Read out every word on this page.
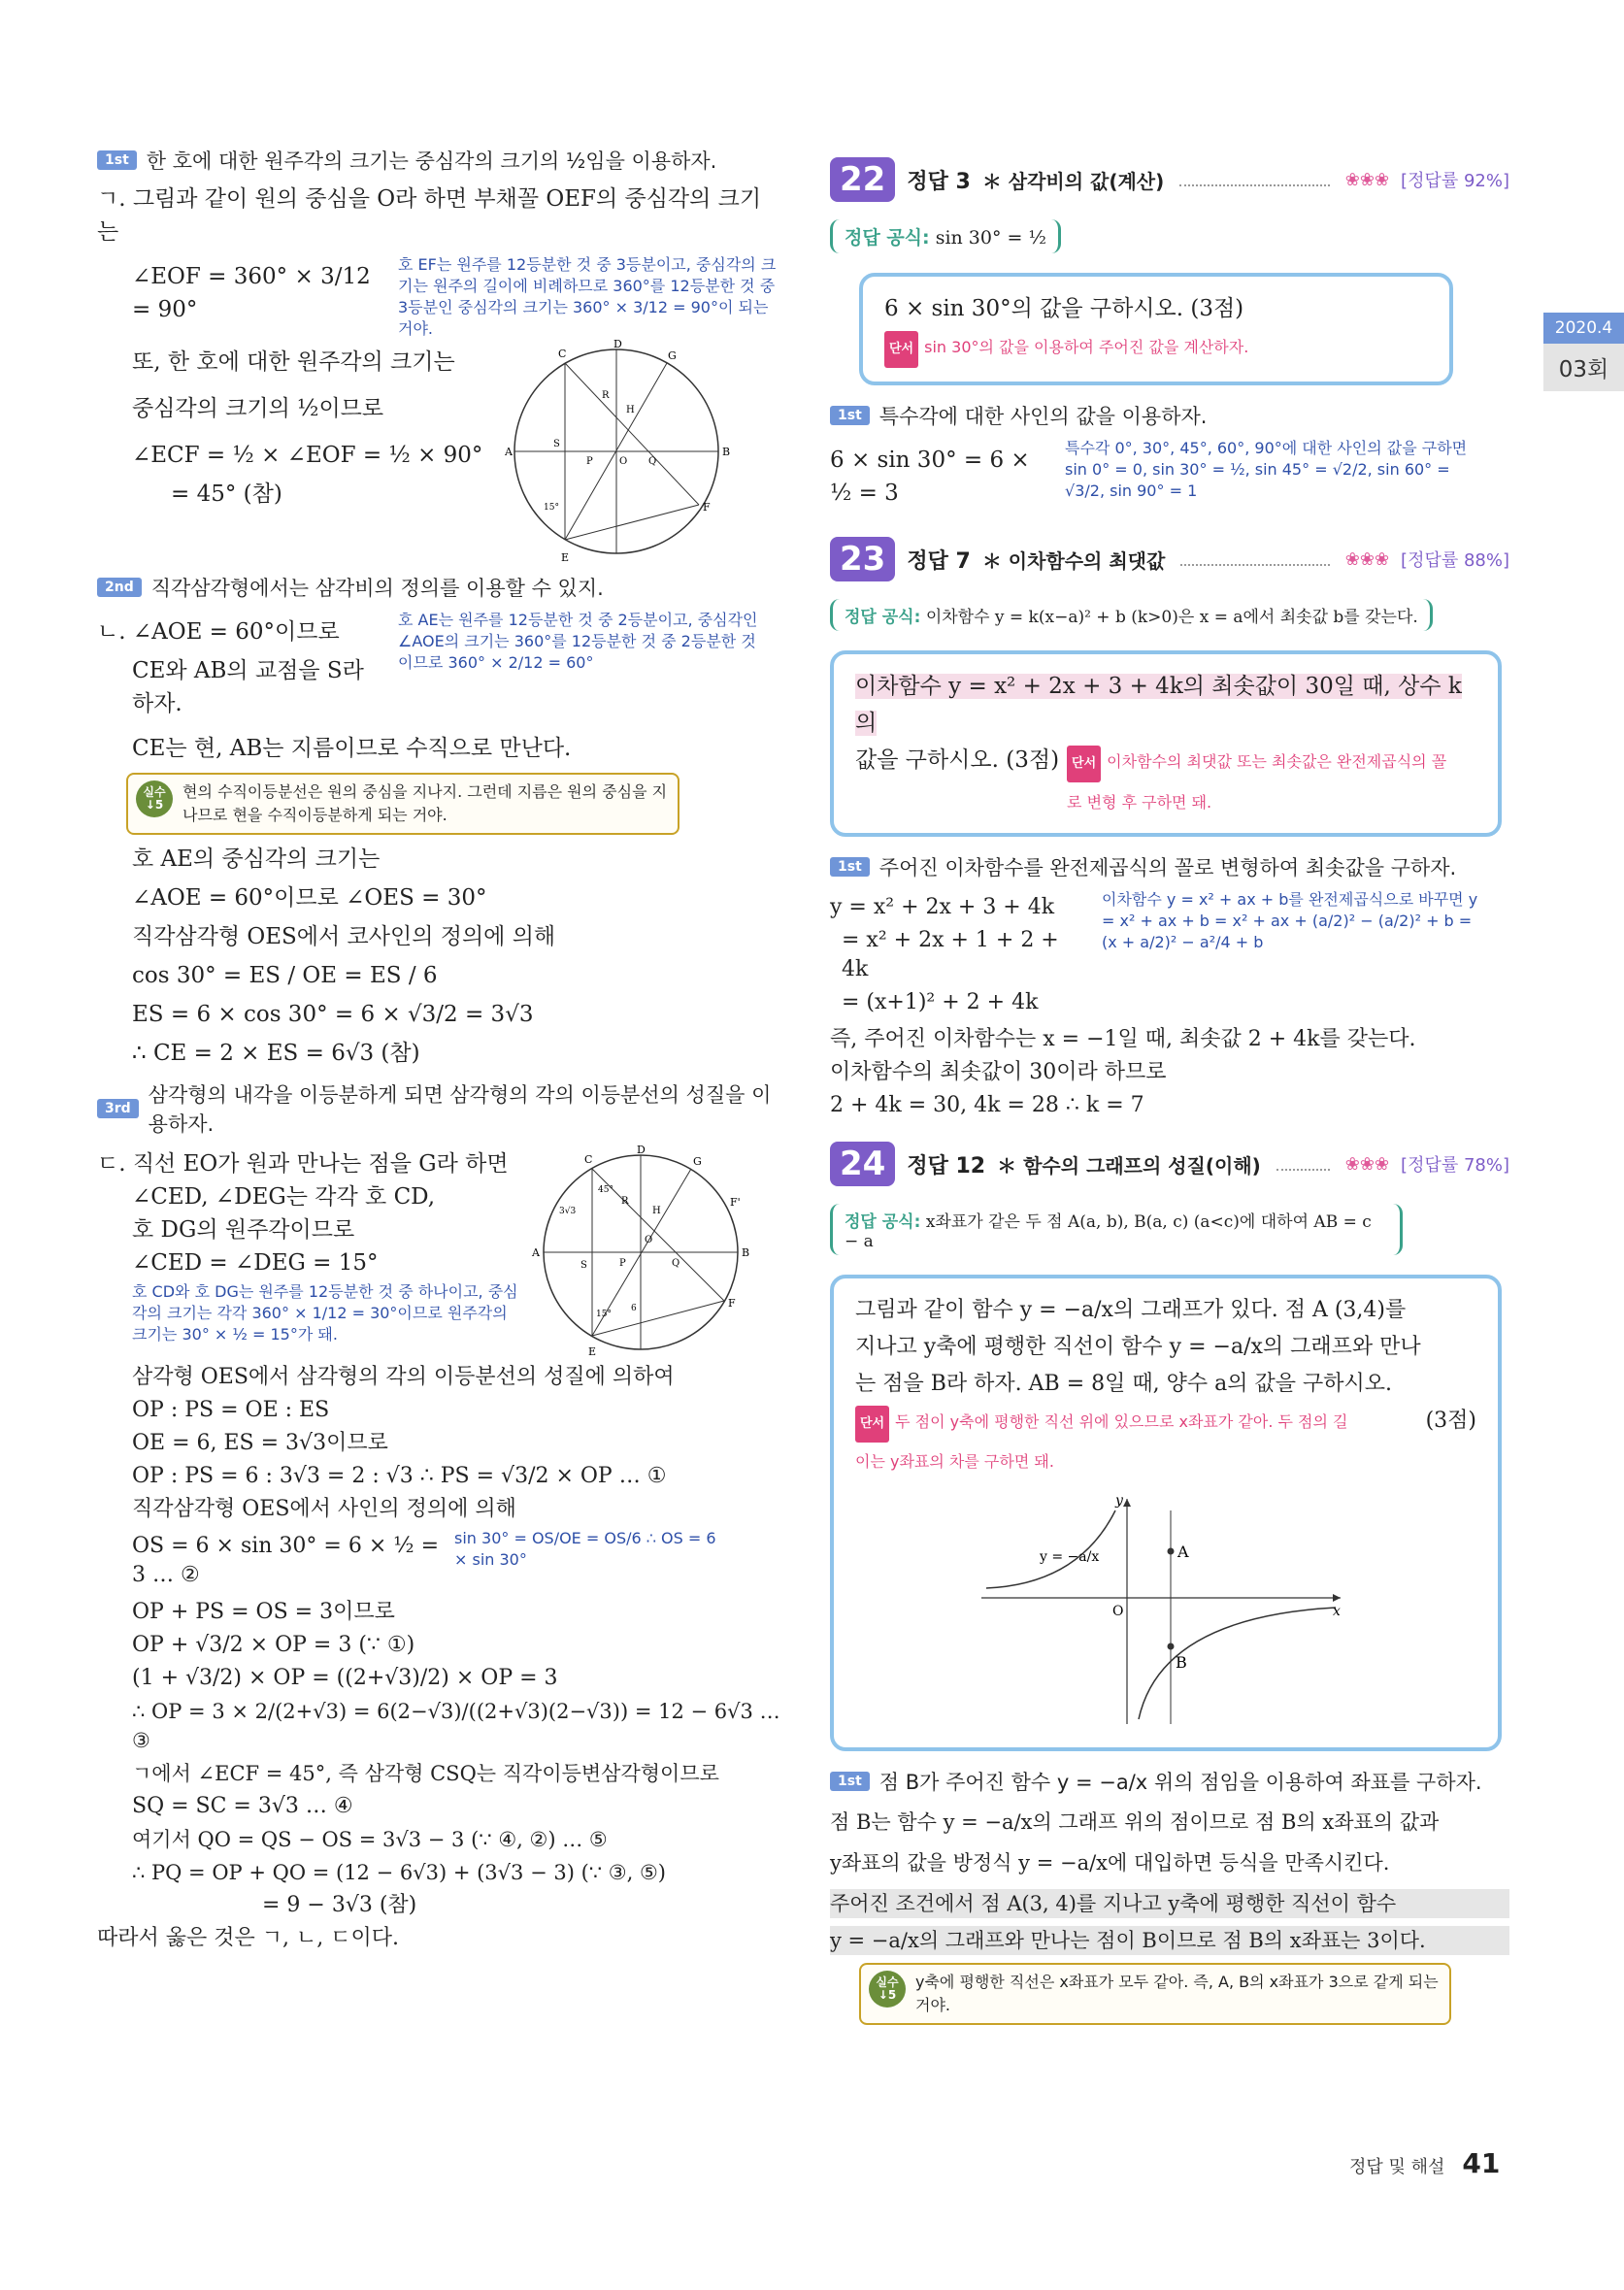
2020.4
03회
1st 한 호에 대한 원주각의 크기는 중심각의 크기의 ½임을 이용하자.
ㄱ. 그림과 같이 원의 중심을 O라 하면 부채꼴 OEF의 중심각의 크기는
∠EOF = 360° × 3/12 = 90°
호 EF는 원주를 12등분한 것 중 3등분이고, 중심각의 크기는 원주의 길이에 비례하므로 360°를 12등분한 것 중 3등분인 중심각의 크기는 360° × 3/12 = 90°이 되는 거야.
또, 한 호에 대한 원주각의 크기는
중심각의 크기의 ½이므로
∠ECF = ½ × ∠EOF = ½ × 90°
= 45° (참)
C
D
G
A	B
E
F
O
P	Q
R
S
H
15°
2nd 직각삼각형에서는 삼각비의 정의를 이용할 수 있지.
ㄴ. ∠AOE = 60°이므로
CE와 AB의 교점을 S라 하자.
호 AE는 원주를 12등분한 것 중 2등분이고, 중심각인 ∠AOE의 크기는 360°를 12등분한 것 중 2등분한 것 이므로 360° × 2/12 = 60°
CE는 현, AB는 지름이므로 수직으로 만난다.
실수 ↓5
현의 수직이등분선은 원의 중심을 지나지. 그런데 지름은 원의 중심을 지나므로 현을 수직이등분하게 되는 거야.
호 AE의 중심각의 크기는
∠AOE = 60°이므로 ∠OES = 30°
직각삼각형 OES에서 코사인의 정의에 의해
cos 30° = ES / OE = ES / 6
ES = 6 × cos 30° = 6 × √3/2 = 3√3
∴ CE = 2 × ES = 6√3 (참)
3rd
삼각형의 내각을 이등분하게 되면 삼각형의 각의 이등분선의 성질을 이용하자.
ㄷ. 직선 EO가 원과 만나는 점을 G라 하면
∠CED, ∠DEG는 각각 호 CD,
호 DG의 원주각이므로
∠CED = ∠DEG = 15°
호 CD와 호 DG는 원주를 12등분한 것 중 하나이고, 중심각의 크기는 각각 360° × 1/12 = 30°이므로 원주각의 크기는 30° × ½ = 15°가 돼.
C
D
G
A	B
E
F
F'
O
P	Q
R
S
H
45°
15°
3√3
6
삼각형 OES에서 삼각형의 각의 이등분선의 성질에 의하여
OP : PS = OE : ES
OE = 6, ES = 3√3이므로
OP : PS = 6 : 3√3 = 2 : √3 ∴ PS = √3/2 × OP … ①
직각삼각형 OES에서 사인의 정의에 의해
OS = 6 × sin 30° = 6 × ½ = 3 … ②
sin 30° = OS/OE = OS/6 ∴ OS = 6 × sin 30°
OP + PS = OS = 3이므로
OP + √3/2 × OP = 3 (∵ ①)
(1 + √3/2) × OP = ((2+√3)/2) × OP = 3
∴ OP = 3 × 2/(2+√3) = 6(2−√3)/((2+√3)(2−√3)) = 12 − 6√3 … ③
ㄱ에서 ∠ECF = 45°, 즉 삼각형 CSQ는 직각이등변삼각형이므로
SQ = SC = 3√3 … ④
여기서 QO = QS − OS = 3√3 − 3 (∵ ④, ②) … ⑤
∴ PQ = OP + QO = (12 − 6√3) + (3√3 − 3) (∵ ③, ⑤)
= 9 − 3√3 (참)
따라서 옳은 것은 ㄱ, ㄴ, ㄷ이다.
22	정답 3 ＊ 삼각비의 값(계산)	❀❀❀ [정답률 92%]
정답 공식: sin 30° = ½
6 × sin 30°의 값을 구하시오. (3점)
단서 sin 30°의 값을 이용하여 주어진 값을 계산하자.
1st 특수각에 대한 사인의 값을 이용하자.
6 × sin 30° = 6 × ½ = 3
특수각 0°, 30°, 45°, 60°, 90°에 대한 사인의 값을 구하면 sin 0° = 0, sin 30° = ½, sin 45° = √2/2, sin 60° = √3/2, sin 90° = 1
23	정답 7 ＊ 이차함수의 최댓값	❀❀❀ [정답률 88%]
정답 공식: 이차함수 y = k(x−a)² + b (k>0)은 x = a에서 최솟값 b를 갖는다.
이차함수 y = x² + 2x + 3 + 4k의 최솟값이 30일 때, 상수 k의
값을 구하시오. (3점)	단서 이차함수의 최댓값 또는 최솟값은 완전제곱식의 꼴로 변형 후 구하면 돼.
1st 주어진 이차함수를 완전제곱식의 꼴로 변형하여 최솟값을 구하자.
y = x² + 2x + 3 + 4k
= x² + 2x + 1 + 2 + 4k
= (x+1)² + 2 + 4k
이차함수 y = x² + ax + b를 완전제곱식으로 바꾸면 y = x² + ax + b = x² + ax + (a/2)² − (a/2)² + b = (x + a/2)² − a²/4 + b
즉, 주어진 이차함수는 x = −1일 때, 최솟값 2 + 4k를 갖는다.
이차함수의 최솟값이 30이라 하므로
2 + 4k = 30, 4k = 28 ∴ k = 7
24	정답 12 ＊ 함수의 그래프의 성질(이해)	❀❀❀ [정답률 78%]
정답 공식: x좌표가 같은 두 점 A(a, b), B(a, c) (a<c)에 대하여 AB = c − a
그림과 같이 함수 y = −a/x의 그래프가 있다. 점 A (3,4)를
지나고 y축에 평행한 직선이 함수 y = −a/x의 그래프와 만나
는 점을 B라 하자. AB = 8일 때, 양수 a의 값을 구하시오.
단서 두 점이 y축에 평행한 직선 위에 있으므로 x좌표가 같아. 두 점의 길이는 y좌표의 차를 구하면 돼.
(3점)
y = −a/x	A
B
O	x
y
1st 점 B가 주어진 함수 y = −a/x 위의 점임을 이용하여 좌표를 구하자.
점 B는 함수 y = −a/x의 그래프 위의 점이므로 점 B의 x좌표의 값과
y좌표의 값을 방정식 y = −a/x에 대입하면 등식을 만족시킨다.
주어진 조건에서 점 A(3, 4)를 지나고 y축에 평행한 직선이 함수
y = −a/x의 그래프와 만나는 점이 B이므로 점 B의 x좌표는 3이다.
실수 ↓5
y축에 평행한 직선은 x좌표가 모두 같아. 즉, A, B의 x좌표가 3으로 같게 되는 거야.
정답 및 해설 41
